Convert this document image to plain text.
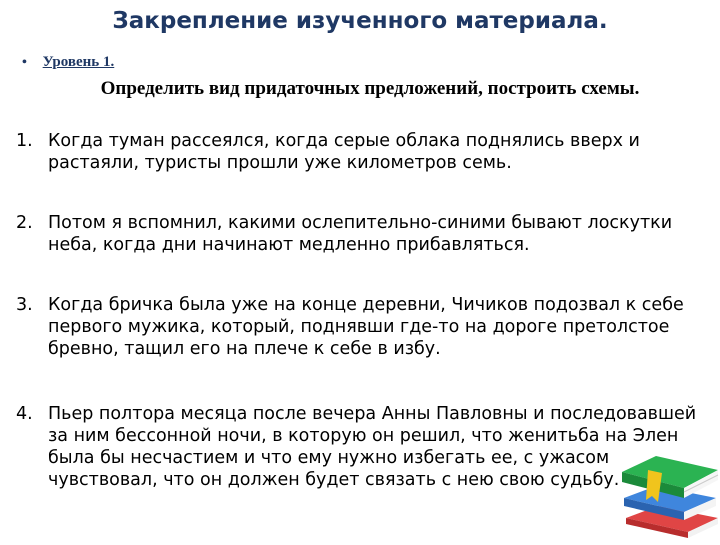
Закрепление изученного материала.
• Уровень 1.
Определить вид придаточных предложений, построить схемы.
1. Когда туман рассеялся, когда серые облака поднялись вверх и растаяли, туристы прошли уже километров семь.
2. Потом я вспомнил, какими ослепительно-синими бывают лоскутки неба, когда дни начинают медленно прибавляться.
3. Когда бричка была уже на конце деревни, Чичиков подозвал к себе первого мужика, который, поднявши где-то на дороге претолстое бревно, тащил его на плече к себе в избу.
4. Пьер полтора месяца после вечера Анны Павловны и последовавшей за ним бессонной ночи, в которую он решил, что женитьба на Элен была бы несчастием и что ему нужно избегать ее, с ужасом чувствовал, что он должен будет связать с нею свою судьбу.
